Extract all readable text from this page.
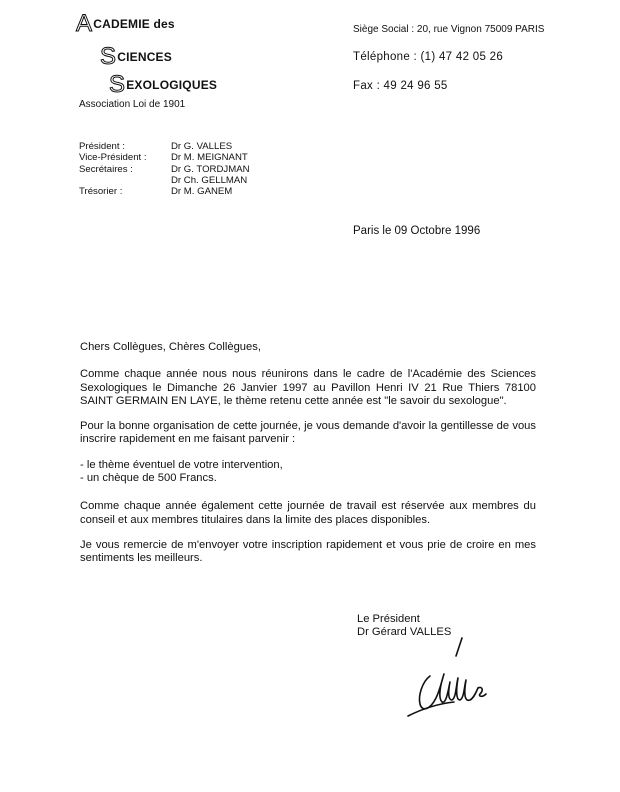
ACADEMIE des
SCIENCES
SEXOLOGIQUES
Association Loi de 1901
Siège Social : 20, rue Vignon 75009 PARIS
Téléphone : (1) 47 42 05 26
Fax : 49 24 96 55
Président :	Dr G. VALLES
Vice-Président :	Dr M. MEIGNANT
Secrétaires :	Dr G. TORDJMAN
Dr Ch. GELLMAN
Trésorier :	Dr M. GANEM
Paris le 09 Octobre 1996

Chers Collègues, Chères Collègues,

Comme chaque année nous nous réunirons dans le cadre de l'Académie des Sciences Sexologiques le Dimanche 26 Janvier 1997 au Pavillon Henri IV 21 Rue Thiers 78100 SAINT GERMAIN EN LAYE, le thème retenu cette année est "le savoir du sexologue".

Pour la bonne organisation de cette journée, je vous demande d'avoir la gentillesse de vous inscrire rapidement en me faisant parvenir :

- le thème éventuel de votre intervention,

- un chèque de 500 Francs.

Comme chaque année également cette journée de travail est réservée aux membres du conseil et aux membres titulaires dans la limite des places disponibles.

Je vous remercie de m'envoyer votre inscription rapidement et vous prie de croire en mes sentiments les meilleurs.

Le Président
Dr Gérard VALLES
